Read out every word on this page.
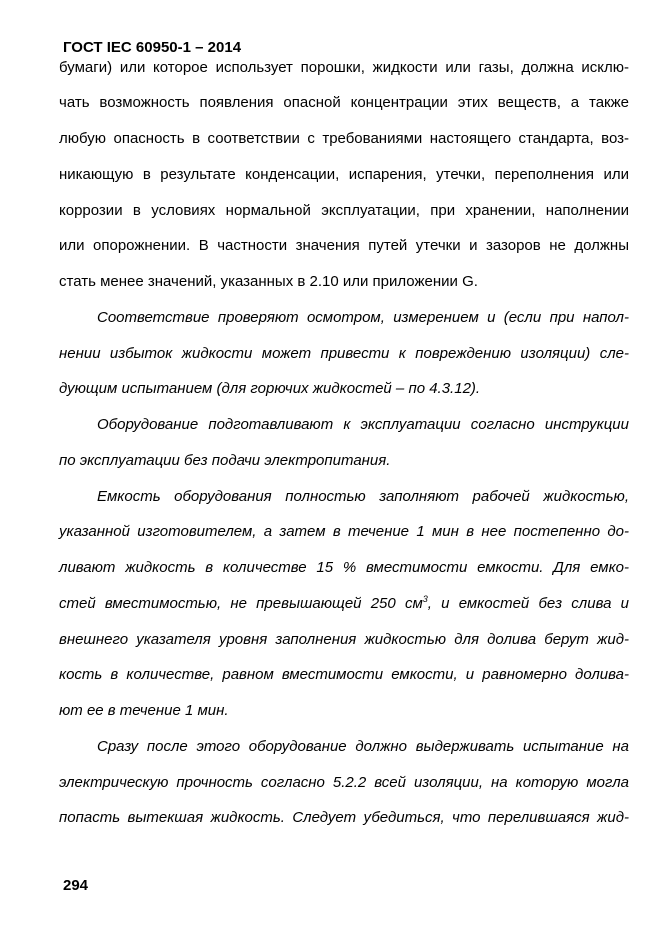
ГОСТ IEC 60950-1 – 2014
бумаги) или которое использует порошки, жидкости или газы, должна исклю-
чать возможность появления опасной концентрации этих веществ, а также
любую опасность в соответствии с требованиями настоящего стандарта, воз-
никающую в результате конденсации, испарения, утечки, переполнения или
коррозии в условиях нормальной эксплуатации, при хранении, наполнении
или опорожнении. В частности значения путей утечки и зазоров не должны
стать менее значений, указанных в 2.10 или приложении G.
Соответствие проверяют осмотром, измерением и (если при напол-
нении избыток жидкости может привести к повреждению изоляции) сле-
дующим испытанием (для горючих жидкостей – по 4.3.12).
Оборудование подготавливают к эксплуатации согласно инструкции
по эксплуатации без подачи электропитания.
Емкость оборудования полностью заполняют рабочей жидкостью,
указанной изготовителем, а затем в течение 1 мин в нее постепенно до-
ливают жидкость в количестве 15 % вместимости емкости. Для емко-
стей вместимостью, не превышающей 250 $см^3$, и емкостей без слива и
внешнего указателя уровня заполнения жидкостью для долива берут жид-
кость в количестве, равном вместимости емкости, и равномерно долива-
ют ее в течение 1 мин.
Сразу после этого оборудование должно выдерживать испытание на
электрическую прочность согласно 5.2.2 всей изоляции, на которую могла
попасть вытекшая жидкость. Следует убедиться, что перелившаяся жид-
294
